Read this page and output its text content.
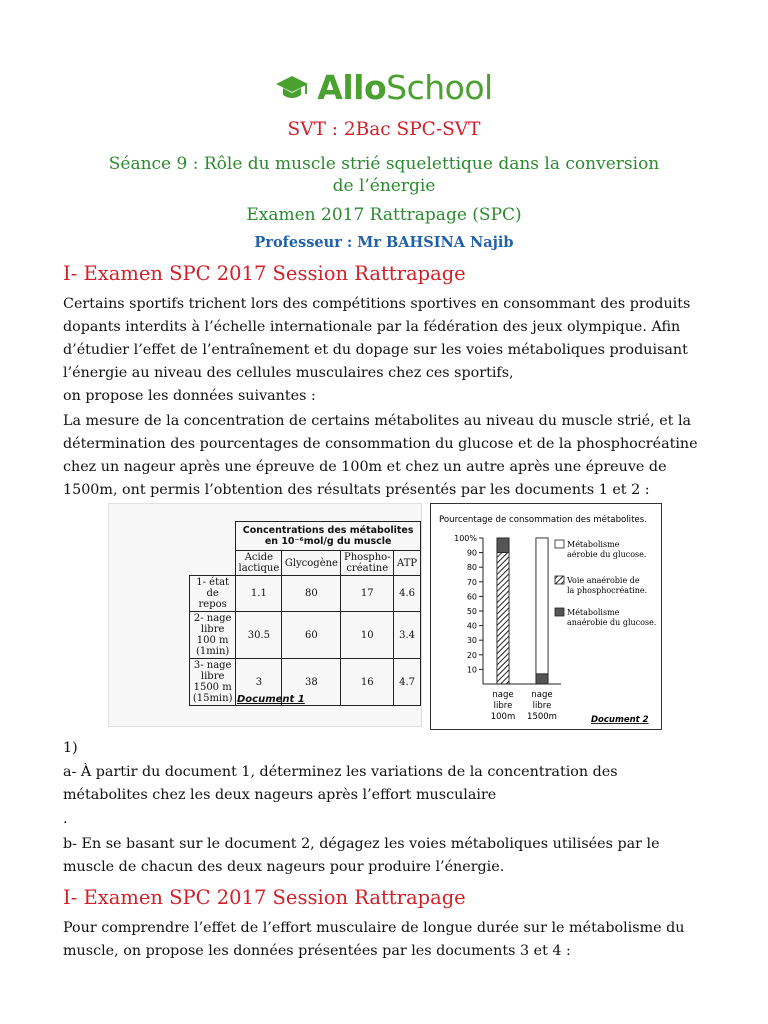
AlloSchool
SVT : 2Bac SPC-SVT
Séance 9 : Rôle du muscle strié squelettique dans la conversion de l’énergie
Examen 2017 Rattrapage (SPC)
Professeur : Mr BAHSINA Najib
I- Examen SPC 2017 Session Rattrapage

Certains sportifs trichent lors des compétitions sportives en consommant des produits dopants interdits à l’échelle internationale par la fédération des jeux olympique. Afin d’étudier l’effet de l’entraînement et du dopage sur les voies métaboliques produisant l’énergie au niveau des cellules musculaires chez ces sportifs,

on propose les données suivantes :

La mesure de la concentration de certains métabolites au niveau du muscle strié, et la détermination des pourcentages de consommation du glucose et de la phosphocréatine chez un nageur après une épreuve de 100m et chez un autre après une épreuve de 1500m, ont permis l’obtention des résultats présentés par les documents 1 et 2 :

	Concentrations des métabolites en 10⁻⁶mol/g du muscle			
	Acide lactique	Glycogène	Phospho-créatine	ATP
1- état de repos	1.1	80	17	4.6
2- nage libre 100 m (1min)	30.5	60	10	3.4
3- nage libre 1500 m (15min)	3	38	16	4.7
Document 1
Pourcentage de consommation des métabolites.
10
20
30
40
50
60
70
80
90
100%
nage
libre
100m
nage
libre
1500m
Métabolisme
aérobie du glucose.
Voie anaérobie de
la phosphocréatine.
Métabolisme
anaérobie du glucose.
Document 2
1)
a- À partir du document 1, déterminez les variations de la concentration des métabolites chez les deux nageurs après l’effort musculaire
.
b- En se basant sur le document 2, dégagez les voies métaboliques utilisées par le muscle de chacun des deux nageurs pour produire l’énergie.
I- Examen SPC 2017 Session Rattrapage

Pour comprendre l’effet de l’effort musculaire de longue durée sur le métabolisme du muscle, on propose les données présentées par les documents 3 et 4 :
